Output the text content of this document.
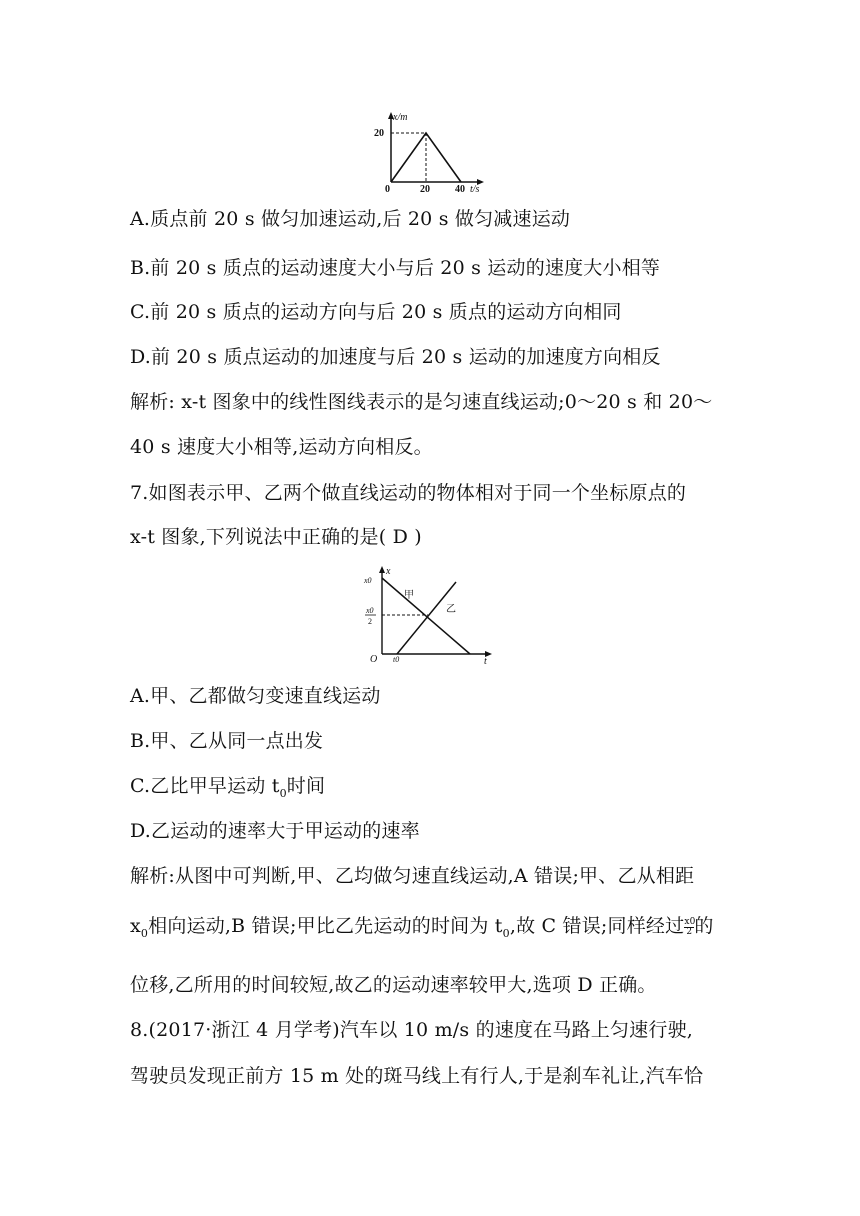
x/m
20
0	20	40 t/s
A.质点前 20 s 做匀加速运动,后 20 s 做匀减速运动
B.前 20 s 质点的运动速度大小与后 20 s 运动的速度大小相等
C.前 20 s 质点的运动方向与后 20 s 质点的运动方向相同
D.前 20 s 质点运动的加速度与后 20 s 运动的加速度方向相反
解析: x-t 图象中的线性图线表示的是匀速直线运动;0～20 s 和 20～
40 s 速度大小相等,运动方向相反。
7.如图表示甲、乙两个做直线运动的物体相对于同一个坐标原点的
x-t 图象,下列说法中正确的是( D )
x
x0
x0
2
O t0	t
甲
乙
A.甲、乙都做匀变速直线运动
B.甲、乙从同一点出发
C.乙比甲早运动 $t_0$时间
D.乙运动的速率大于甲运动的速率
解析:从图中可判断,甲、乙均做匀速直线运动,A 错误;甲、乙从相距
$x_0$相向运动,B 错误;甲比乙先运动的时间为 $t_0$,故 C 错误;同样经过 $\frac{x0}{2}$ 的
位移,乙所用的时间较短,故乙的运动速率较甲大,选项 D 正确。
8.(2017·浙江 4 月学考)汽车以 10 m/s 的速度在马路上匀速行驶,
驾驶员发现正前方 15 m 处的斑马线上有行人,于是刹车礼让,汽车恰
